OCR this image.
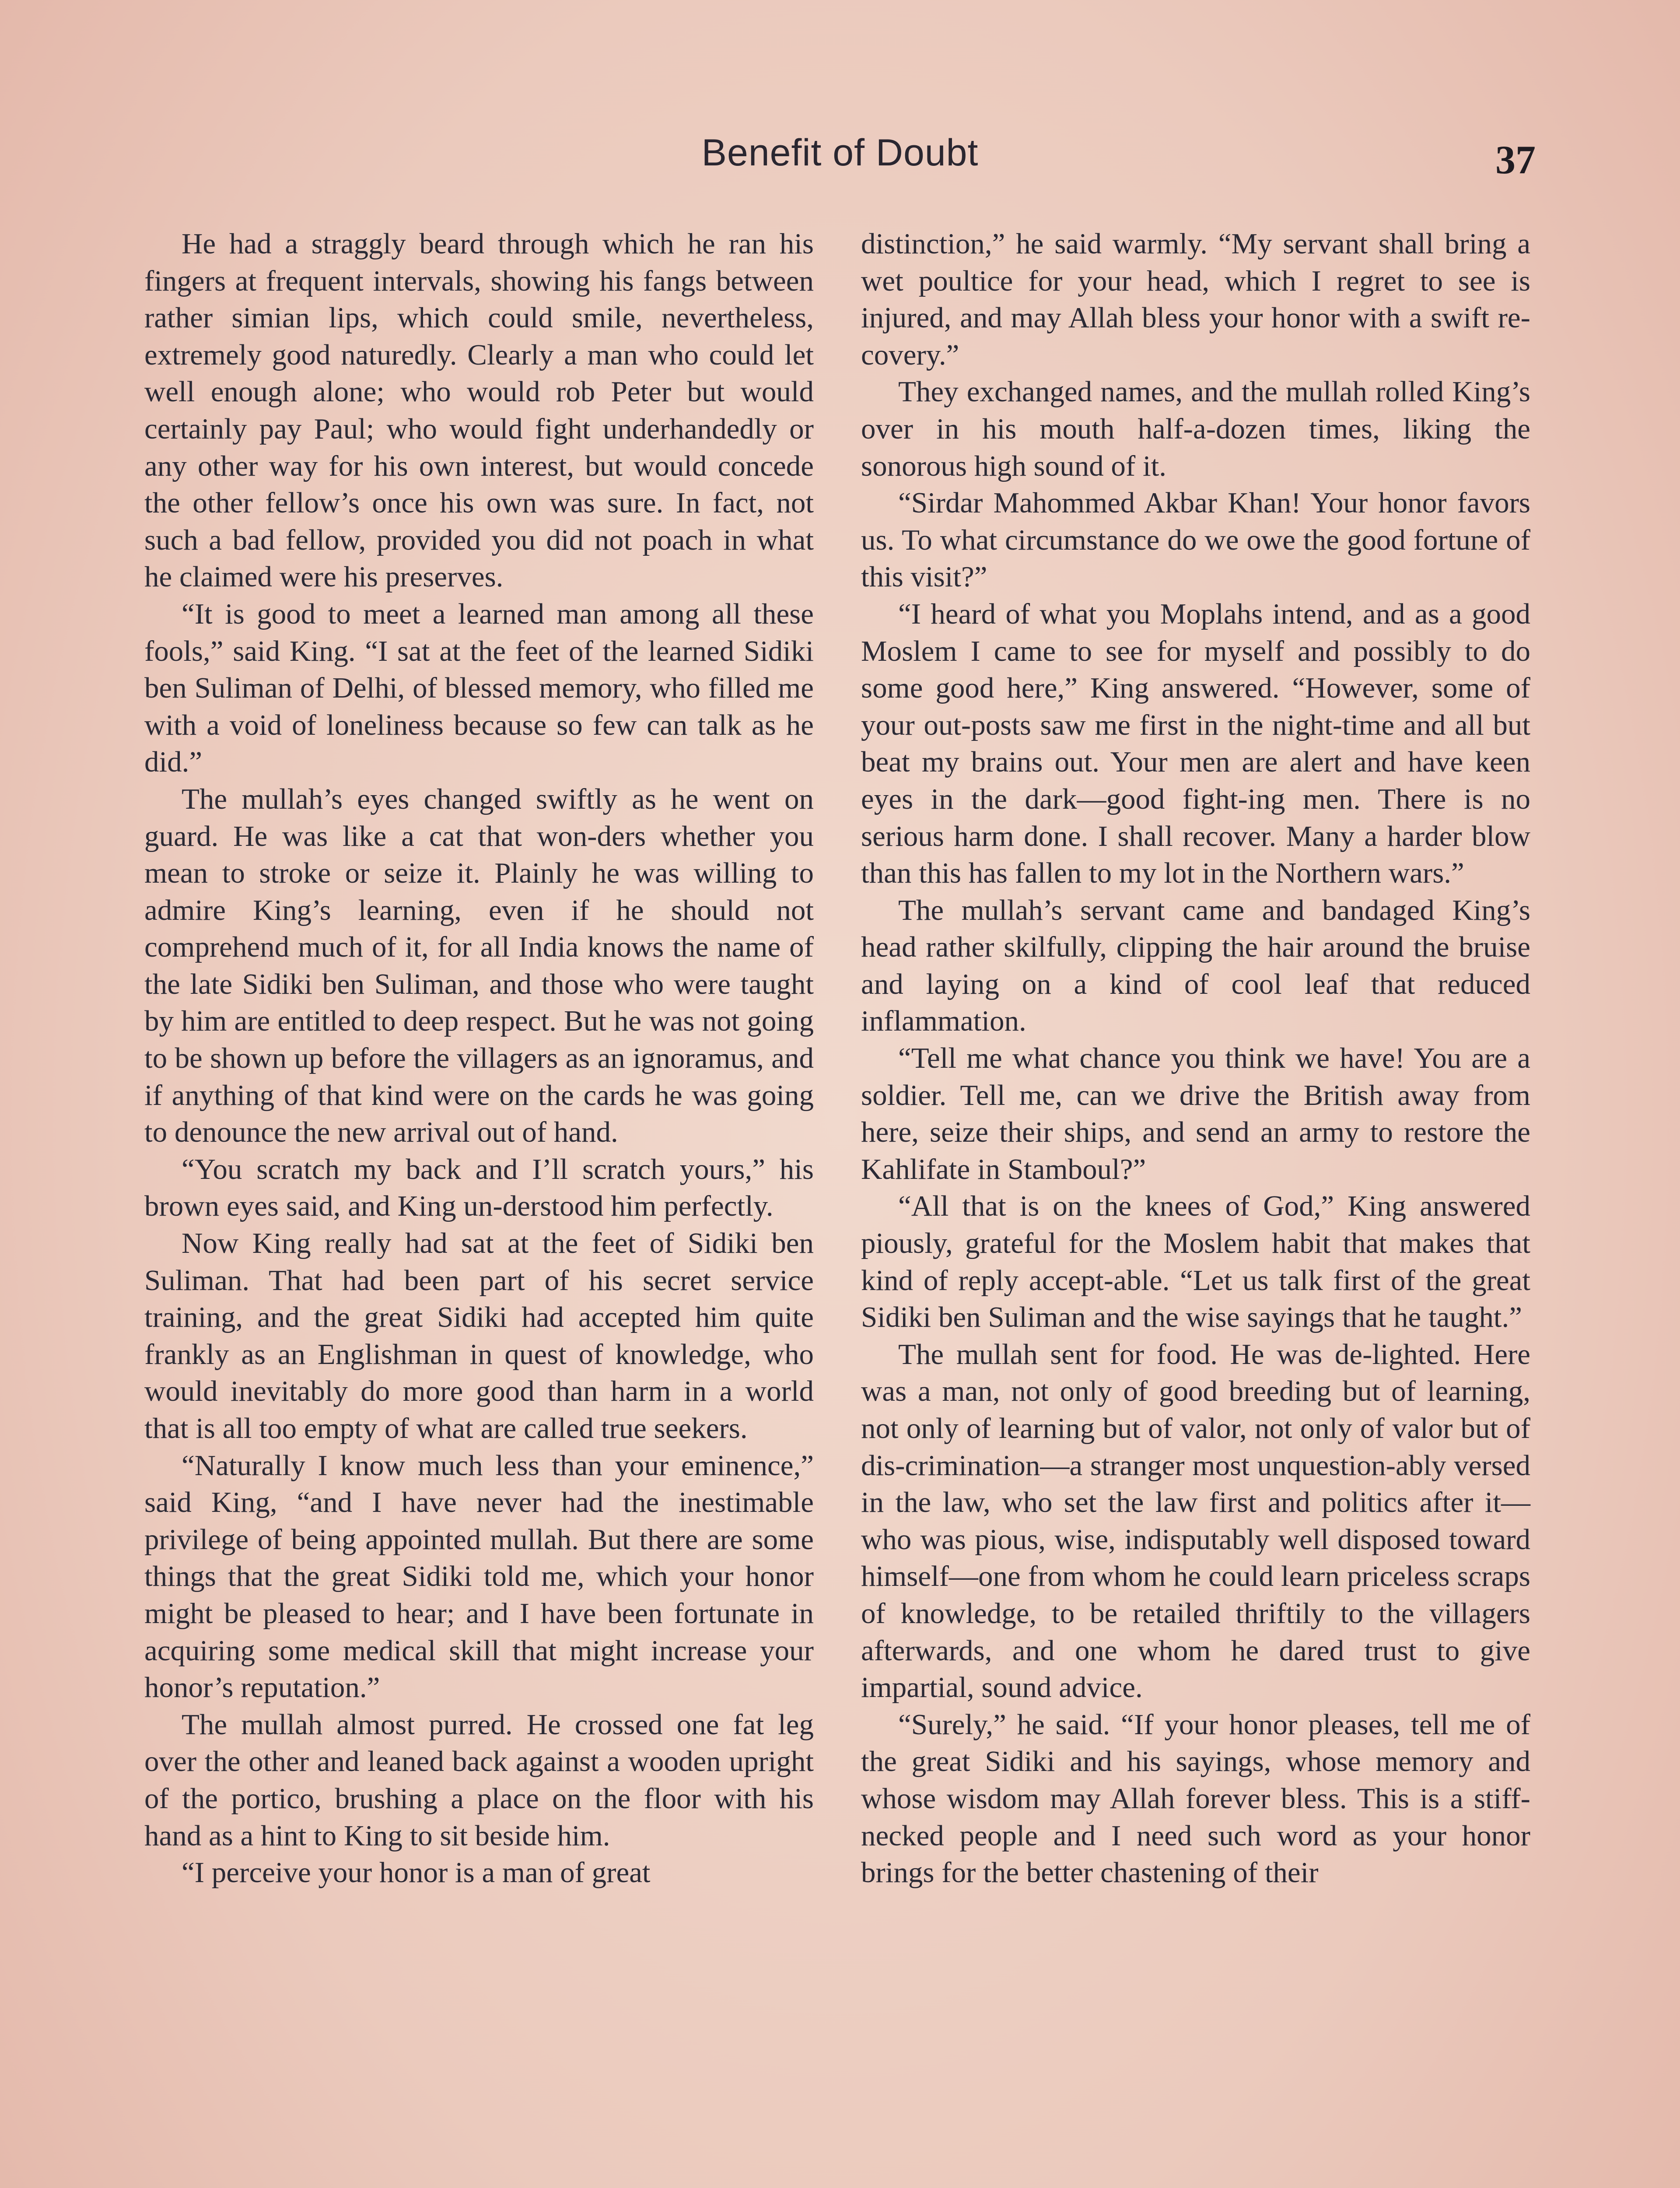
Benefit of Doubt	37

He had a straggly beard through which he ran his fingers at frequent intervals, showing his fangs between rather simian lips, which could smile, nevertheless, extremely good naturedly. Clearly a man who could let well enough alone; who would rob Peter but would certainly pay Paul; who would fight underhandedly or any other way for his own interest, but would concede the other fellow’s once his own was sure. In fact, not such a bad fellow, provided you did not poach in what he claimed were his preserves.

“It is good to meet a learned man among all these fools,” said King. “I sat at the feet of the learned Sidiki ben Suliman of Delhi, of blessed memory, who filled me with a void of loneliness because so few can talk as he did.”

The mullah’s eyes changed swiftly as he went on guard. He was like a cat that won-ders whether you mean to stroke or seize it. Plainly he was willing to admire King’s learning, even if he should not comprehend much of it, for all India knows the name of the late Sidiki ben Suliman, and those who were taught by him are entitled to deep respect. But he was not going to be shown up before the villagers as an ignoramus, and if anything of that kind were on the cards he was going to denounce the new arrival out of hand.

“You scratch my back and I’ll scratch yours,” his brown eyes said, and King un-derstood him perfectly.

Now King really had sat at the feet of Sidiki ben Suliman. That had been part of his secret service training, and the great Sidiki had accepted him quite frankly as an Englishman in quest of knowledge, who would inevitably do more good than harm in a world that is all too empty of what are called true seekers.

“Naturally I know much less than your eminence,” said King, “and I have never had the inestimable privilege of being appointed mullah. But there are some things that the great Sidiki told me, which your honor might be pleased to hear; and I have been fortunate in acquiring some medical skill that might increase your honor’s reputation.”

The mullah almost purred. He crossed one fat leg over the other and leaned back against a wooden upright of the portico, brushing a place on the floor with his hand as a hint to King to sit beside him.

“I perceive your honor is a man of great

distinction,” he said warmly. “My servant shall bring a wet poultice for your head, which I regret to see is injured, and may Allah bless your honor with a swift re-covery.”

They exchanged names, and the mullah rolled King’s over in his mouth half-a-dozen times, liking the sonorous high sound of it.

“Sirdar Mahommed Akbar Khan! Your honor favors us. To what circumstance do we owe the good fortune of this visit?”

“I heard of what you Moplahs intend, and as a good Moslem I came to see for myself and possibly to do some good here,” King answered. “However, some of your out-posts saw me first in the night-time and all but beat my brains out. Your men are alert and have keen eyes in the dark—good fight-ing men. There is no serious harm done. I shall recover. Many a harder blow than this has fallen to my lot in the Northern wars.”

The mullah’s servant came and bandaged King’s head rather skilfully, clipping the hair around the bruise and laying on a kind of cool leaf that reduced inflammation.

“Tell me what chance you think we have! You are a soldier. Tell me, can we drive the British away from here, seize their ships, and send an army to restore the Kahlifate in Stamboul?”

“All that is on the knees of God,” King answered piously, grateful for the Moslem habit that makes that kind of reply accept-able. “Let us talk first of the great Sidiki ben Suliman and the wise sayings that he taught.”

The mullah sent for food. He was de-lighted. Here was a man, not only of good breeding but of learning, not only of learning but of valor, not only of valor but of dis-crimination—a stranger most unquestion-ably versed in the law, who set the law first and politics after it—who was pious, wise, indisputably well disposed toward himself—one from whom he could learn priceless scraps of knowledge, to be retailed thriftily to the villagers afterwards, and one whom he dared trust to give impartial, sound advice.

“Surely,” he said. “If your honor pleases, tell me of the great Sidiki and his sayings, whose memory and whose wisdom may Allah forever bless. This is a stiff-necked people and I need such word as your honor brings for the better chastening of their
